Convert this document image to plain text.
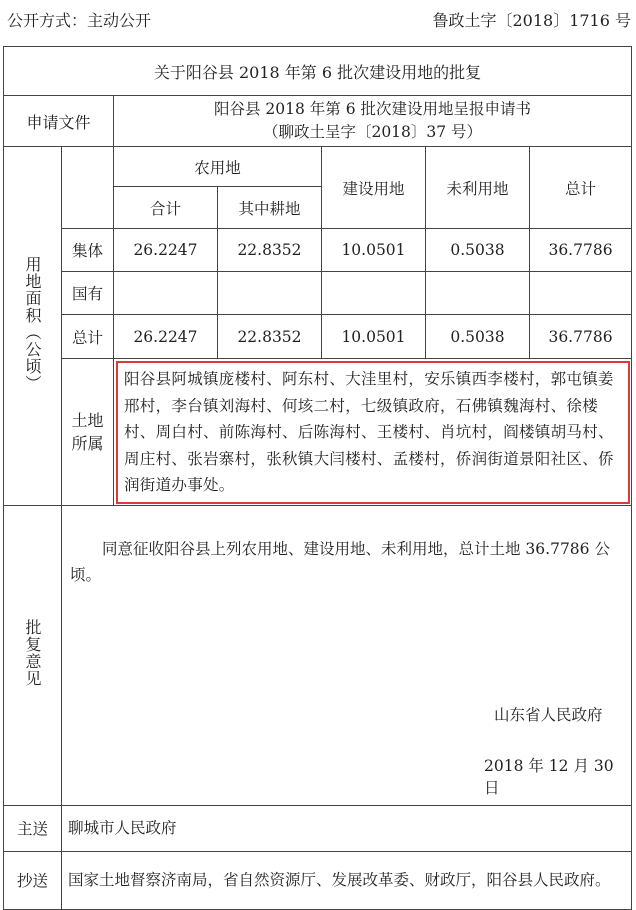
公开方式：主动公开	鲁政土字〔2018〕1716 号
关于阳谷县 2018 年第 6 批次建设用地的批复						
申请文件		阳谷县 2018 年第 6 批次建设用地呈报申请书
（聊政土呈字〔2018〕37 号）				

用地面积（公顷）		农用地		建设用地	未利用地	总计
		合计	其中耕地			
	集体	26.2247	22.8352	10.0501	0.5038	36.7786
	国有					
	总计	26.2247	22.8352	10.0501	0.5038	36.7786
	土地所属	阳谷县阿城镇庞楼村、阿东村、大洼里村，安乐镇西李楼村，郭屯镇姜邢村，李台镇刘海村、何垓二村，七级镇政府，石佛镇魏海村、徐楼村、周白村、前陈海村、后陈海村、王楼村、肖坑村，阎楼镇胡马村、周庄村、张岩寨村，张秋镇大闫楼村、孟楼村，侨润街道景阳社区、侨润街道办事处。				

批复意见	同意征收阳谷县上列农用地、建设用地、未利用地，总计土地 36.7786 公顷。
山东省人民政府
2018 年 12 月 30 日					

主送	聊城市人民政府					
抄送	国家土地督察济南局，省自然资源厅、发展改革委、财政厅，阳谷县人民政府。					
